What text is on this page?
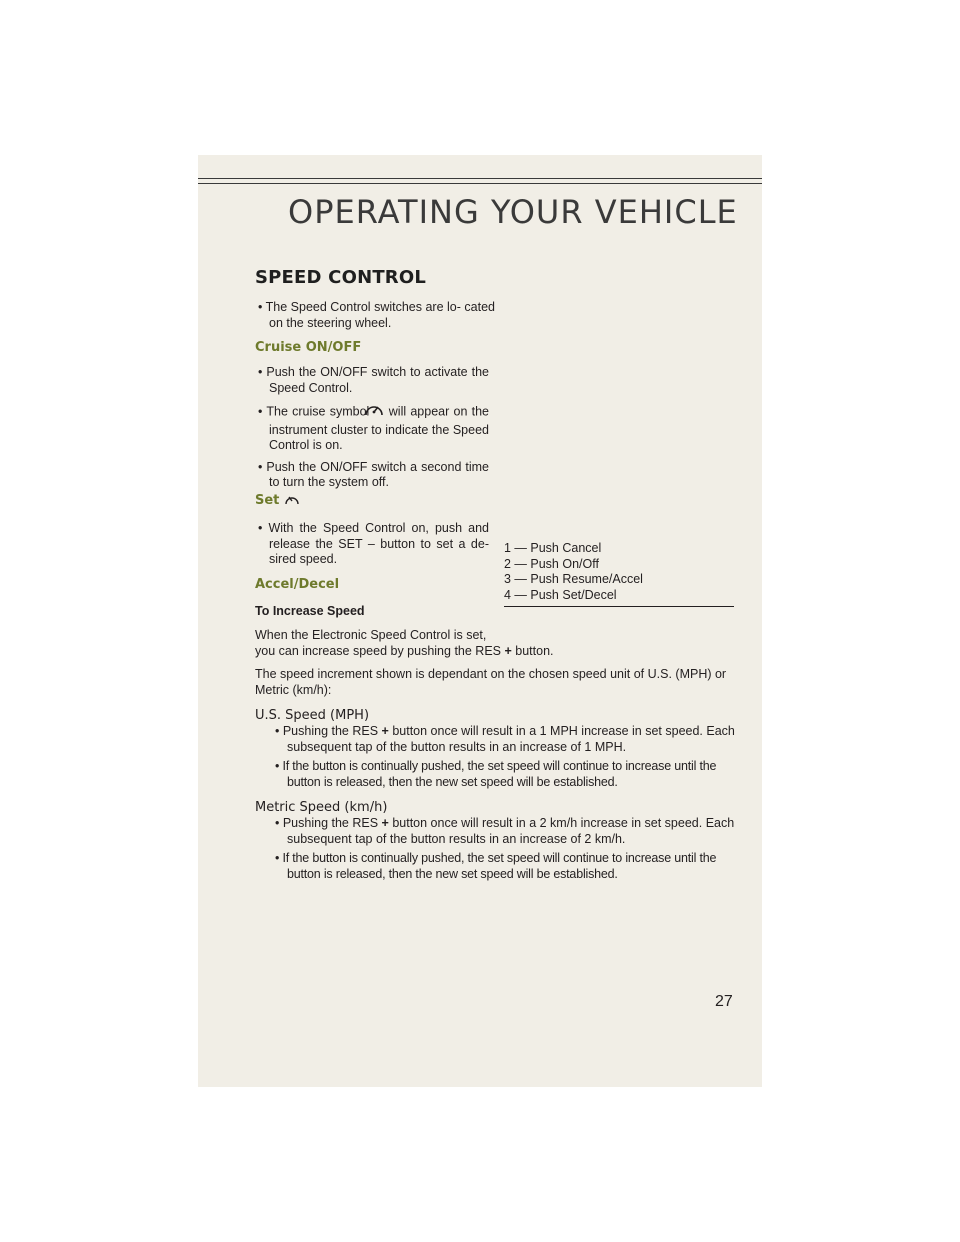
OPERATING YOUR VEHICLE
SPEED CONTROL

• The Speed Control switches are lo- cated on the steering wheel.

Cruise ON/OFF

• Push the ON/OFF switch to activate the Speed Control.

• The cruise symbol will appear on the instrument cluster to indicate the Speed Control is on.

• Push the ON/OFF switch a second time to turn the system off.

Set

• With the Speed Control on, push and release the SET – button to set a de- sired speed.

Accel/Decel

To Increase Speed

When the Electronic Speed Control is set,
you can increase speed by pushing the RES + button.

The speed increment shown is dependant on the chosen speed unit of U.S. (MPH) or Metric (km/h):

U.S. Speed (MPH)

• Pushing the RES + button once will result in a 1 MPH increase in set speed. Each subsequent tap of the button results in an increase of 1 MPH.

• If the button is continually pushed, the set speed will continue to increase until the button is released, then the new set speed will be established.

Metric Speed (km/h)

• Pushing the RES + button once will result in a 2 km/h increase in set speed. Each subsequent tap of the button results in an increase of 2 km/h.

• If the button is continually pushed, the set speed will continue to increase until the button is released, then the new set speed will be established.

1 — Push Cancel

2 — Push On/Off

3 — Push Resume/Accel

4 — Push Set/Decel

27
